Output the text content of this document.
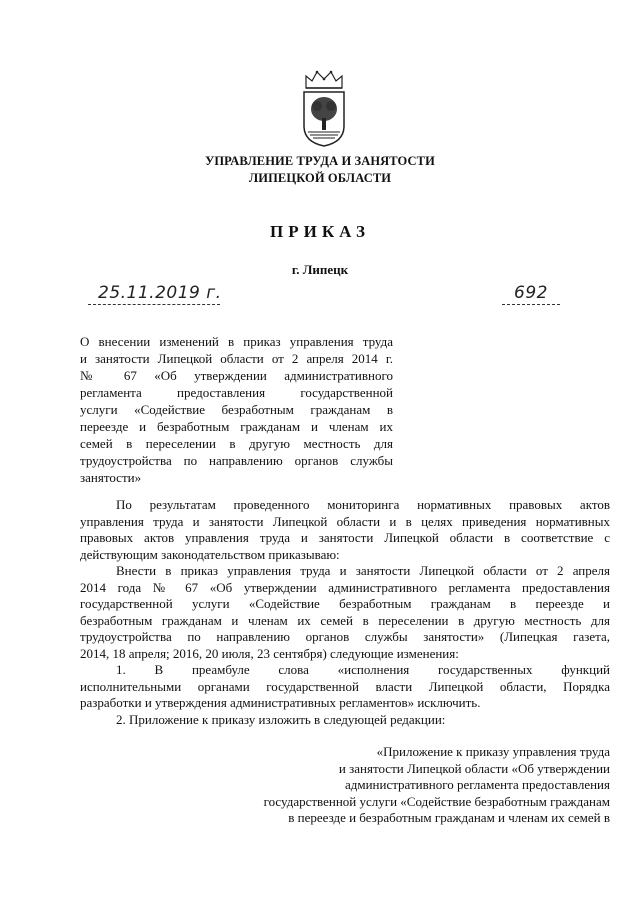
УПРАВЛЕНИЕ ТРУДА И ЗАНЯТОСТИ
ЛИПЕЦКОЙ ОБЛАСТИ
ПРИКАЗ
г. Липецк
25.11.2019 г.	692
О внесении изменений в приказ управления труда
и занятости Липецкой области от 2 апреля 2014 г.
№ 67 «Об утверждении административного
регламента предоставления государственной
услуги «Содействие безработным гражданам в
переезде и безработным гражданам и членам их
семей в переселении в другую местность для
трудоустройства по направлению органов службы
занятости»
По результатам проведенного мониторинга нормативных правовых актов
управления труда и занятости Липецкой области и в целях приведения нормативных
правовых актов управления труда и занятости Липецкой области в соответствие с
действующим законодательством приказываю:
Внести в приказ управления труда и занятости Липецкой области от 2 апреля
2014 года № 67 «Об утверждении административного регламента предоставления
государственной услуги «Содействие безработным гражданам в переезде и
безработным гражданам и членам их семей в переселении в другую местность для
трудоустройства по направлению органов службы занятости» (Липецкая газета,
2014, 18 апреля; 2016, 20 июля, 23 сентября) следующие изменения:
1. В преамбуле слова «исполнения государственных функций
исполнительными органами государственной власти Липецкой области, Порядка
разработки и утверждения административных регламентов» исключить.
2. Приложение к приказу изложить в следующей редакции:
«Приложение к приказу управления труда
и занятости Липецкой области «Об утверждении
административного регламента предоставления
государственной услуги «Содействие безработным гражданам
в переезде и безработным гражданам и членам их семей в
